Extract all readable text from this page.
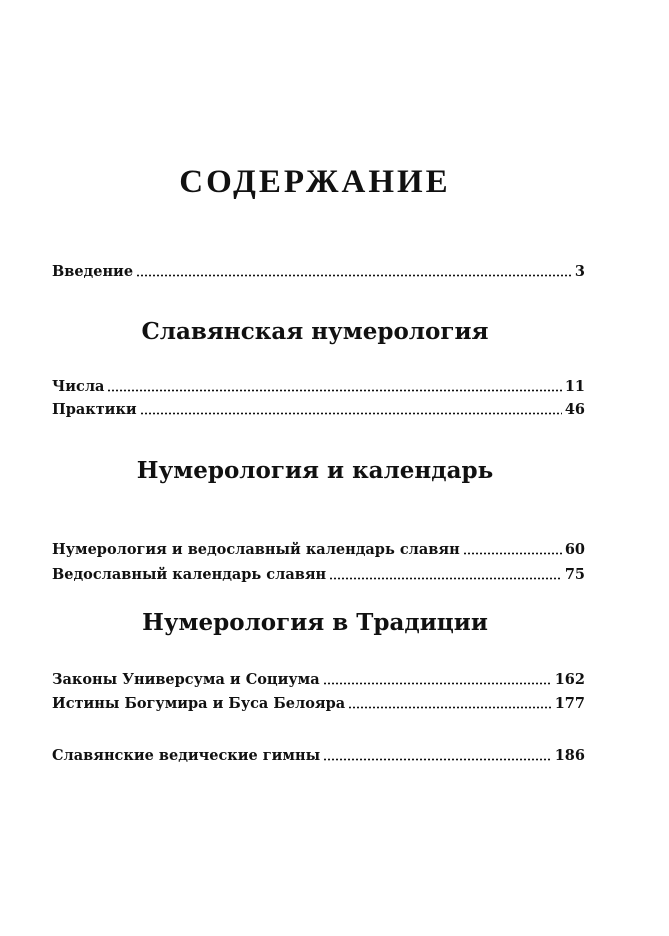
СОДЕРЖАНИЕ
Введение	3
Славянская нумерология
Числа	11
Практики	46
Нумерология и календарь
Нумерология и ведославный календарь славян	60
Ведославный календарь славян	75
Нумерология в Традиции
Законы Универсума и Социума	162
Истины Богумира и Буса Белояра	177
Славянские ведические гимны	186
